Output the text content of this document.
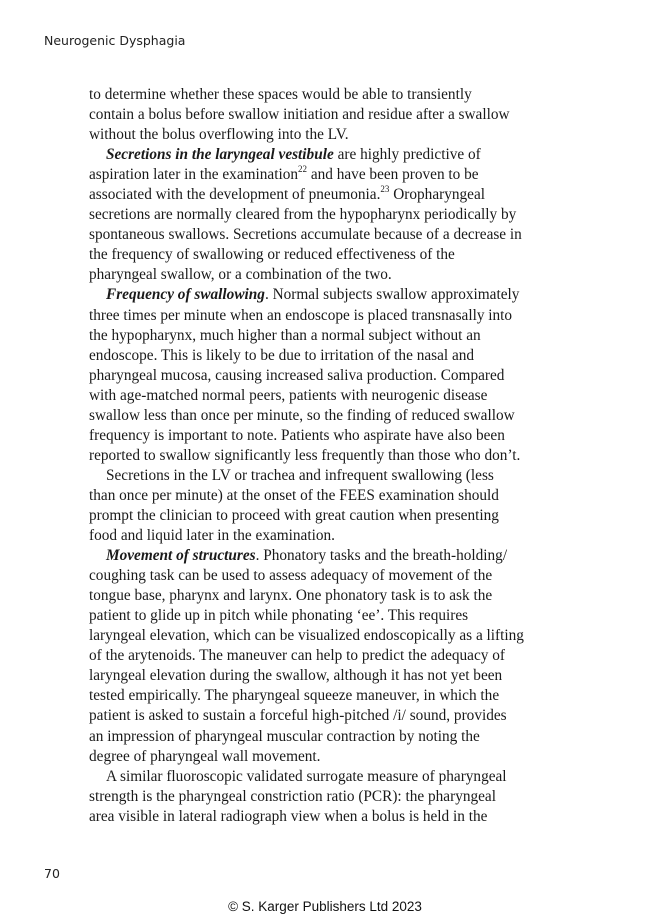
Neurogenic Dysphagia
to determine whether these spaces would be able to transiently
contain a bolus before swallow initiation and residue after a swallow
without the bolus overflowing into the LV.
Secretions in the laryngeal vestibule are highly predictive of
aspiration later in the examination$^{22}$ and have been proven to be
associated with the development of pneumonia.$^{23}$ Oropharyngeal
secretions are normally cleared from the hypopharynx periodically by
spontaneous swallows. Secretions accumulate because of a decrease in
the frequency of swallowing or reduced effectiveness of the
pharyngeal swallow, or a combination of the two.
Frequency of swallowing. Normal subjects swallow approximately
three times per minute when an endoscope is placed transnasally into
the hypopharynx, much higher than a normal subject without an
endoscope. This is likely to be due to irritation of the nasal and
pharyngeal mucosa, causing increased saliva production. Compared
with age-matched normal peers, patients with neurogenic disease
swallow less than once per minute, so the finding of reduced swallow
frequency is important to note. Patients who aspirate have also been
reported to swallow significantly less frequently than those who don’t.
Secretions in the LV or trachea and infrequent swallowing (less
than once per minute) at the onset of the FEES examination should
prompt the clinician to proceed with great caution when presenting
food and liquid later in the examination.
Movement of structures. Phonatory tasks and the breath-holding/
coughing task can be used to assess adequacy of movement of the
tongue base, pharynx and larynx. One phonatory task is to ask the
patient to glide up in pitch while phonating ‘ee’. This requires
laryngeal elevation, which can be visualized endoscopically as a lifting
of the arytenoids. The maneuver can help to predict the adequacy of
laryngeal elevation during the swallow, although it has not yet been
tested empirically. The pharyngeal squeeze maneuver, in which the
patient is asked to sustain a forceful high-pitched /i/ sound, provides
an impression of pharyngeal muscular contraction by noting the
degree of pharyngeal wall movement.
A similar fluoroscopic validated surrogate measure of pharyngeal
strength is the pharyngeal constriction ratio (PCR): the pharyngeal
area visible in lateral radiograph view when a bolus is held in the
70
© S. Karger Publishers Ltd 2023
